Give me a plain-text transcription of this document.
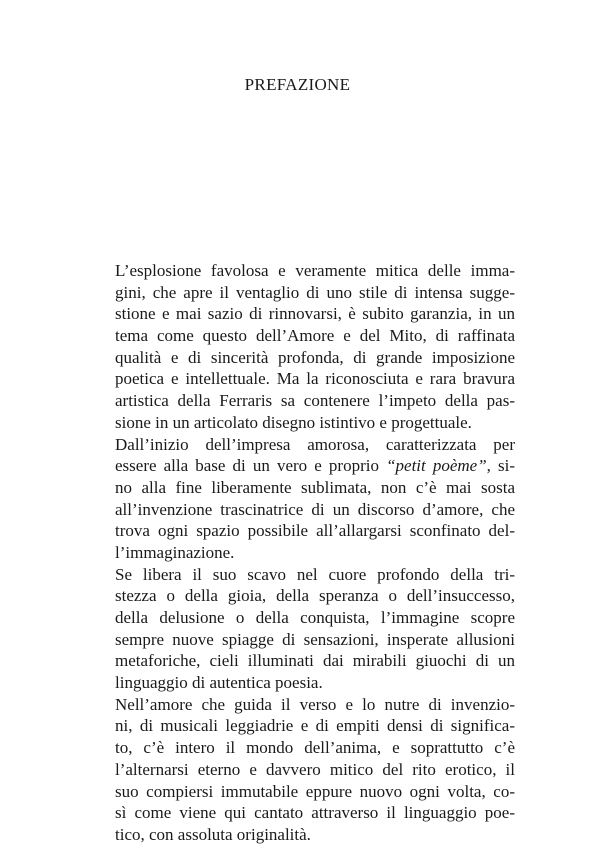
PREFAZIONE
L’esplosione favolosa e veramente mitica delle imma-
gini, che apre il ventaglio di uno stile di intensa sugge-
stione e mai sazio di rinnovarsi, è subito garanzia, in un
tema come questo dell’Amore e del Mito, di raffinata
qualità e di sincerità profonda, di grande imposizione
poetica e intellettuale. Ma la riconosciuta e rara bravura
artistica della Ferraris sa contenere l’impeto della pas-
sione in un articolato disegno istintivo e progettuale.
Dall’inizio dell’impresa amorosa, caratterizzata per
essere alla base di un vero e proprio “petit poème”, si-
no alla fine liberamente sublimata, non c’è mai sosta
all’invenzione trascinatrice di un discorso d’amore, che
trova ogni spazio possibile all’allargarsi sconfinato del-
l’immaginazione.
Se libera il suo scavo nel cuore profondo della tri-
stezza o della gioia, della speranza o dell’insuccesso,
della delusione o della conquista, l’immagine scopre
sempre nuove spiagge di sensazioni, insperate allusioni
metaforiche, cieli illuminati dai mirabili giuochi di un
linguaggio di autentica poesia.
Nell’amore che guida il verso e lo nutre di invenzio-
ni, di musicali leggiadrie e di empiti densi di significa-
to, c’è intero il mondo dell’anima, e soprattutto c’è
l’alternarsi eterno e davvero mitico del rito erotico, il
suo compiersi immutabile eppure nuovo ogni volta, co-
sì come viene qui cantato attraverso il linguaggio poe-
tico, con assoluta originalità.
